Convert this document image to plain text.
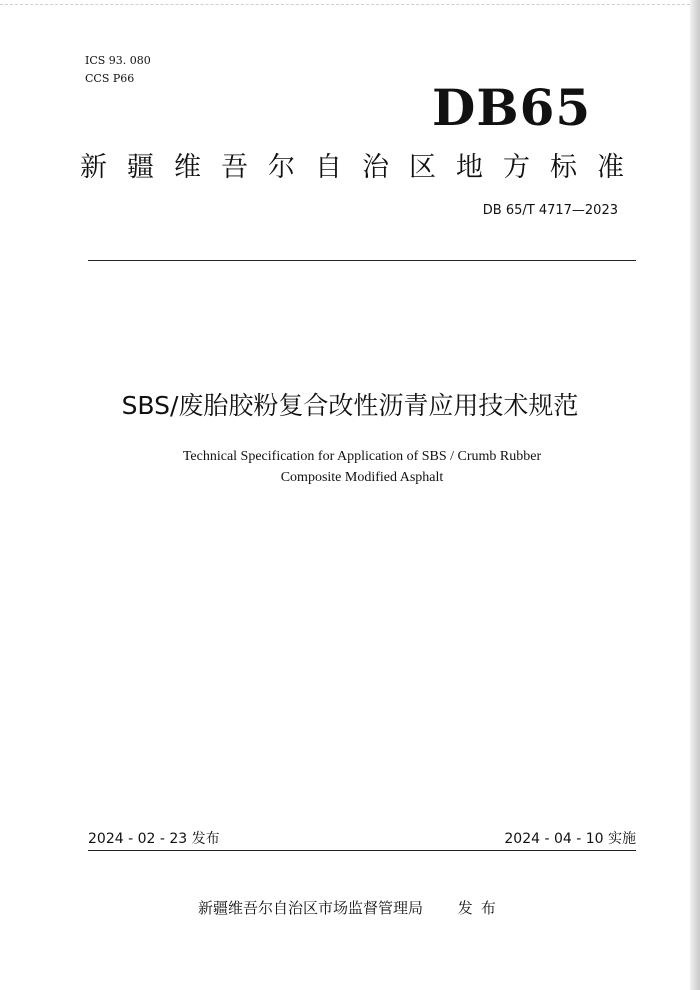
ICS 93. 080
CCS P66	DB65
新疆维吾尔自治区地方标准
DB 65/T 4717—2023
SBS/废胎胶粉复合改性沥青应用技术规范
Technical Specification for Application of SBS / Crumb Rubber
Composite Modified Asphalt
2024 - 02 - 23 发布	2024 - 04 - 10 实施
新疆维吾尔自治区市场监督管理局 发布
